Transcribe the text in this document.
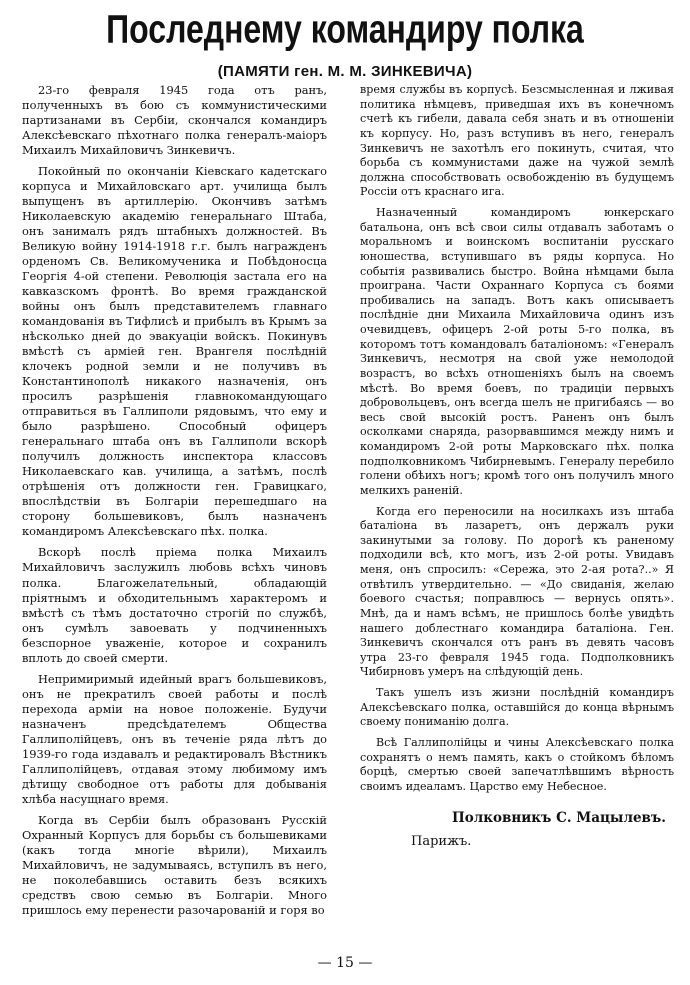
Последнему командиру полка
(ПАМЯТИ ген. М. М. ЗИНКЕВИЧА)

23-го февраля 1945 года отъ ранъ, полученныхъ въ бою съ коммунистическими партизанами въ Сербіи, скончался командиръ Алексѣевскаго пѣхотнаго полка генералъ-маіоръ Михаилъ Михайловичъ Зинкевичъ.

Покойный по окончаніи Кіевскаго кадетскаго корпуса и Михайловскаго арт. училища былъ выпущенъ въ артиллерію. Окончивъ затѣмъ Николаевскую академію генеральнаго Штаба, онъ занималъ рядъ штабныхъ должностей. Въ Великую войну 1914-1918 г.г. былъ награжденъ орденомъ Св. Великомученика и Побѣдоносца Георгія 4-ой степени. Революція застала его на кавказскомъ фронтѣ. Во время гражданской войны онъ былъ представителемъ главнаго командованія въ Тифлисѣ и прибылъ въ Крымъ за нѣсколько дней до эвакуаціи войскъ. Покинувъ вмѣстѣ съ арміей ген. Врангеля послѣдній клочекъ родной земли и не получивъ въ Константинополѣ никакого назначенія, онъ просилъ разрѣшенія главнокомандующаго отправиться въ Галлиполи рядовымъ, что ему и было разрѣшено. Способный офицеръ генеральнаго штаба онъ въ Галлиполи вскорѣ получилъ должность инспектора классовъ Николаевскаго кав. училища, а затѣмъ, послѣ отрѣшенія отъ должности ген. Гравицкаго, впослѣдствіи въ Болгаріи перешедшаго на сторону большевиковъ, былъ назначенъ командиромъ Алексѣевскаго пѣх. полка.

Вскорѣ послѣ пріема полка Михаилъ Михайловичъ заслужилъ любовь всѣхъ чиновъ полка. Благожелательный, обладающій пріятнымъ и обходительнымъ характеромъ и вмѣстѣ съ тѣмъ достаточно строгій по службѣ, онъ сумѣлъ завоевать у подчиненныхъ безспорное уваженіе, которое и сохранилъ вплоть до своей смерти.

Непримиримый идейный врагъ большевиковъ, онъ не прекратилъ своей работы и послѣ перехода арміи на новое положеніе. Будучи назначенъ предсѣдателемъ Общества Галлиполійцевъ, онъ въ теченіе ряда лѣтъ до 1939-го года издавалъ и редактировалъ Вѣстникъ Галлиполійцевъ, отдавая этому любимому имъ дѣтищу свободное отъ работы для добыванія хлѣба насущнаго время.

Когда въ Сербіи былъ образованъ Русскій Охранный Корпусъ для борьбы съ большевиками (какъ тогда многіе вѣрили), Михаилъ Михайловичъ, не задумываясь, вступилъ въ него, не поколебавшись оставить безъ всякихъ средствъ свою семью въ Болгаріи. Много пришлось ему перенести разочарованій и горя во

время службы въ корпусѣ. Безсмысленная и лживая политика нѣмцевъ, приведшая ихъ въ конечномъ счетѣ къ гибели, давала себя знать и въ отношеніи къ корпусу. Но, разъ вступивъ въ него, генералъ Зинкевичъ не захотѣлъ его покинуть, считая, что борьба съ коммунистами даже на чужой землѣ должна способствовать освобожденію въ будущемъ Россіи отъ краснаго ига.

Назначенный командиромъ юнкерскаго батальона, онъ всѣ свои силы отдавалъ заботамъ о моральномъ и воинскомъ воспитаніи русскаго юношества, вступившаго въ ряды корпуса. Но событія развивались быстро. Война нѣмцами была проиграна. Части Охраннаго Корпуса съ боями пробивались на западъ. Вотъ какъ описываетъ послѣдніе дни Михаила Михайловича одинъ изъ очевидцевъ, офицеръ 2-ой роты 5-го полка, въ которомъ тотъ командовалъ баталіономъ: «Генералъ Зинкевичъ, несмотря на свой уже немолодой возрастъ, во всѣхъ отношеніяхъ былъ на своемъ мѣстѣ. Во время боевъ, по традиціи первыхъ добровольцевъ, онъ всегда шелъ не пригибаясь — во весь свой высокій ростъ. Раненъ онъ былъ осколками снаряда, разорвавшимся между нимъ и командиромъ 2-ой роты Марковскаго пѣх. полка подполковникомъ Чибирневымъ. Генералу перебило голени обѣихъ ногъ; кромѣ того онъ получилъ много мелкихъ раненій.

Когда его переносили на носилкахъ изъ штаба баталіона въ лазаретъ, онъ держалъ руки закинутыми за голову. По дорогѣ къ раненому подходили всѣ, кто могъ, изъ 2-ой роты. Увидавъ меня, онъ спросилъ: «Сережа, это 2-ая рота?..» Я отвѣтилъ утвердительно. — «До свиданія, желаю боевого счастья; поправлюсь — вернусь опять». Мнѣ, да и намъ всѣмъ, не пришлось болѣе увидѣть нашего доблестнаго командира баталіона. Ген. Зинкевичъ скончался отъ ранъ въ девять часовъ утра 23-го февраля 1945 года. Подполковникъ Чибирновъ умеръ на слѣдующій день.

Такъ ушелъ изъ жизни послѣдній командиръ Алексѣевскаго полка, оставшійся до конца вѣрнымъ своему пониманію долга.

Всѣ Галлиполійцы и чины Алексѣевскаго полка сохранятъ о немъ память, какъ о стойкомъ бѣломъ борцѣ, смертью своей запечатлѣвшимъ вѣрность своимъ идеаламъ. Царство ему Небесное.

Полковникъ С. Мацылевъ.
Парижъ.
— 15 —
